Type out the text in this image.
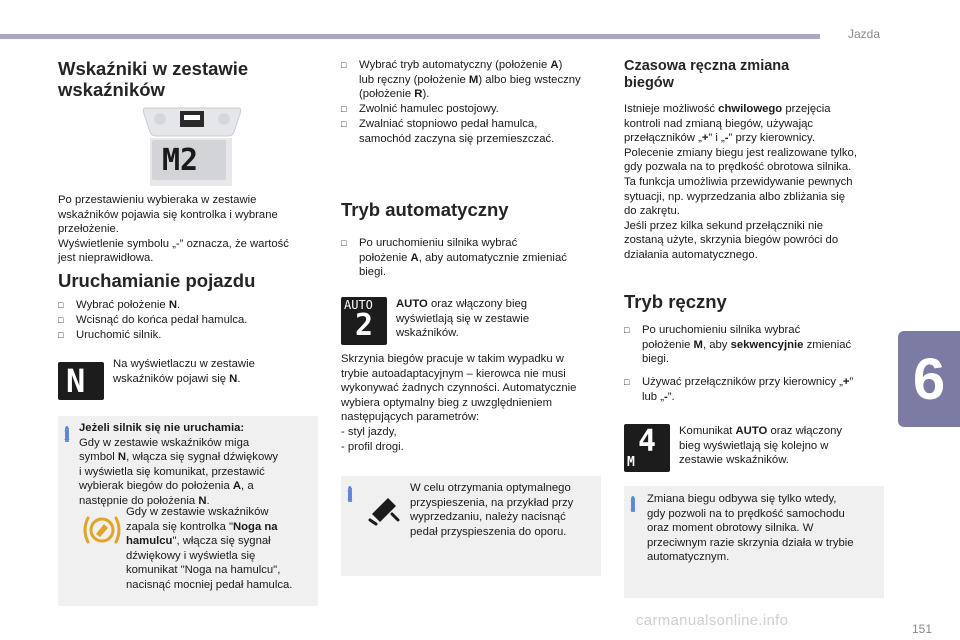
Jazda
6
151
carmanualsonline.info
Wskaźniki w zestawie
wskaźników
M2
Po przestawieniu wybieraka w zestawie
wskaźników pojawia się kontrolka i wybrane
przełożenie.
Wyświetlenie symbolu „-” oznacza, że wartość
jest nieprawidłowa.
Uruchamianie pojazdu
□ Wybrać położenie N.
□ Wcisnąć do końca pedał hamulca.
□ Uruchomić silnik.
N Na wyświetlaczu w zestawie
wskaźników pojawi się N.
i Jeżeli silnik się nie uruchamia:
Gdy w zestawie wskaźników miga
symbol N, włącza się sygnał dźwiękowy
i wyświetla się komunikat, przestawić
wybierak biegów do położenia A, a
następnie do położenia N.
Gdy w zestawie wskaźników
zapala się kontrolka "Noga na
hamulcu", włącza się sygnał
dźwiękowy i wyświetla się
komunikat "Noga na hamulcu",
nacisnąć mocniej pedał hamulca.
□ Wybrać tryb automatyczny (położenie A)
lub ręczny (położenie M) albo bieg wsteczny
(położenie R).
□ Zwolnić hamulec postojowy.
□ Zwalniać stopniowo pedał hamulca,
samochód zaczyna się przemieszczać.
Tryb automatyczny
□ Po uruchomieniu silnika wybrać
położenie A, aby automatycznie zmieniać
biegi.
AUTO
2
AUTO oraz włączony bieg
wyświetlają się w zestawie
wskaźników.
Skrzynia biegów pracuje w takim wypadku w
trybie autoadaptacyjnym – kierowca nie musi
wykonywać żadnych czynności. Automatycznie
wybiera optymalny bieg z uwzględnieniem
następujących parametrów:
- styl jazdy,
- profil drogi.
i	W celu otrzymania optymalnego
przyspieszenia, na przykład przy
wyprzedzaniu, należy nacisnąć
pedał przyspieszenia do oporu.
Czasowa ręczna zmiana
biegów
Istnieje możliwość chwilowego przejęcia
kontroli nad zmianą biegów, używając
przełączników „+” i „-” przy kierownicy.
Polecenie zmiany biegu jest realizowane tylko,
gdy pozwala na to prędkość obrotowa silnika.
Ta funkcja umożliwia przewidywanie pewnych
sytuacji, np. wyprzedzania albo zbliżania się
do zakrętu.
Jeśli przez kilka sekund przełączniki nie
zostaną użyte, skrzynia biegów powróci do
działania automatycznego.
Tryb ręczny
□ Po uruchomieniu silnika wybrać
położenie M, aby sekwencyjnie zmieniać
biegi.
□ Używać przełączników przy kierownicy „+”
lub „-”.
4
M
Komunikat AUTO oraz włączony
bieg wyświetlają się kolejno w
zestawie wskaźników.
i	Zmiana biegu odbywa się tylko wtedy,
gdy pozwoli na to prędkość samochodu
oraz moment obrotowy silnika. W
przeciwnym razie skrzynia działa w trybie
automatycznym.
